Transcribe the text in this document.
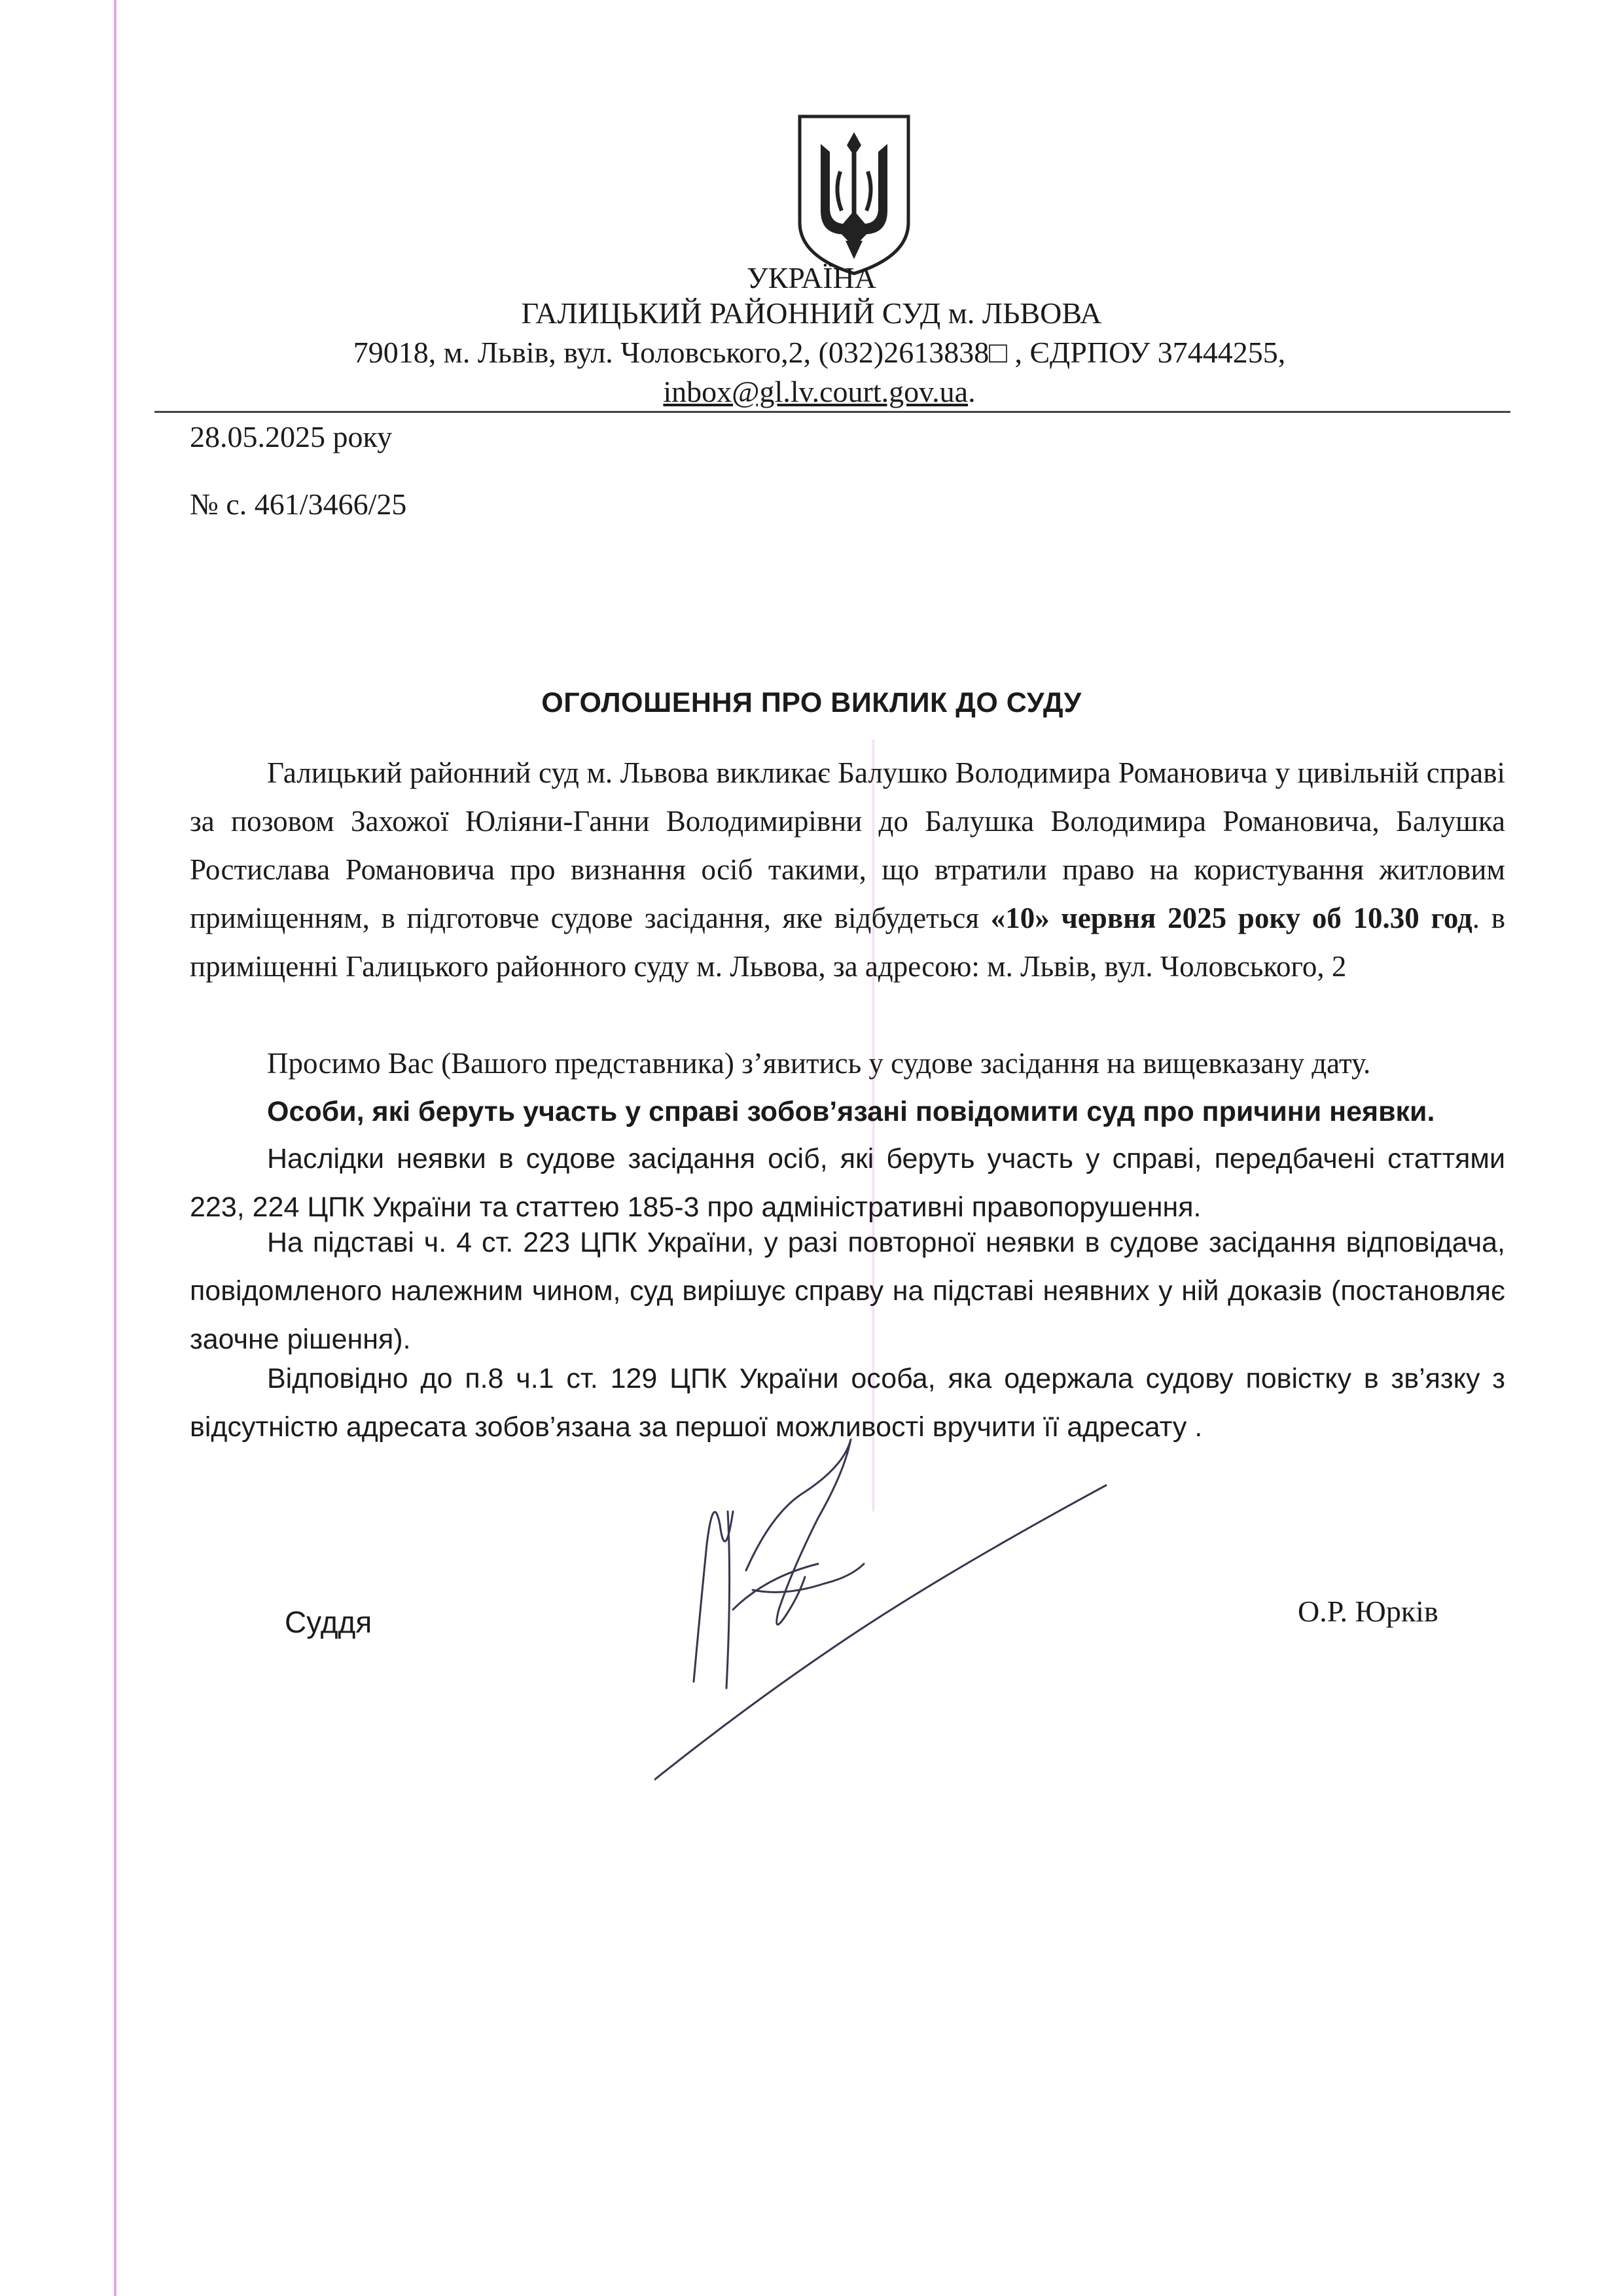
УКРАЇНА
ГАЛИЦЬКИЙ РАЙОННИЙ СУД м. ЛЬВОВА
79018, м. Львів, вул. Чоловського,2, (032)2613838□ , ЄДРПОУ 37444255,
inbox@gl.lv.court.gov.ua.
28.05.2025 року
№ с. 461/3466/25
ОГОЛОШЕННЯ ПРО ВИКЛИК ДО СУДУ

Галицький районний суд м. Львова викликає Балушко Володимира Романовича у цивільній справі за позовом Захожої Юліяни-Ганни Володимирівни до Балушка Володимира Романовича, Балушка Ростислава Романовича про визнання осіб такими, що втратили право на користування житловим приміщенням, в підготовче судове засідання, яке відбудеться «10» червня 2025 року об 10.30 год. в приміщенні Галицького районного суду м. Львова, за адресою: м. Львів, вул. Чоловського, 2

Просимо Вас (Вашого представника) з’явитись у судове засідання на вищевказану дату.

Особи, які беруть участь у справі зобов’язані повідомити суд про причини неявки.

Наслідки неявки в судове засідання осіб, які беруть участь у справі, передбачені статтями 223, 224 ЦПК України та статтею 185-3 про адміністративні правопорушення.

На підставі ч. 4 ст. 223 ЦПК України, у разі повторної неявки в судове засідання відповідача, повідомленого належним чином, суд вирішує справу на підставі неявних у ній доказів (постановляє заочне рішення).

Відповідно до п.8 ч.1 ст. 129 ЦПК України особа, яка одержала судову повістку в зв’язку з відсутністю адресата зобов’язана за першої можливості вручити її адресату .

Суддя	О.Р. Юрків
